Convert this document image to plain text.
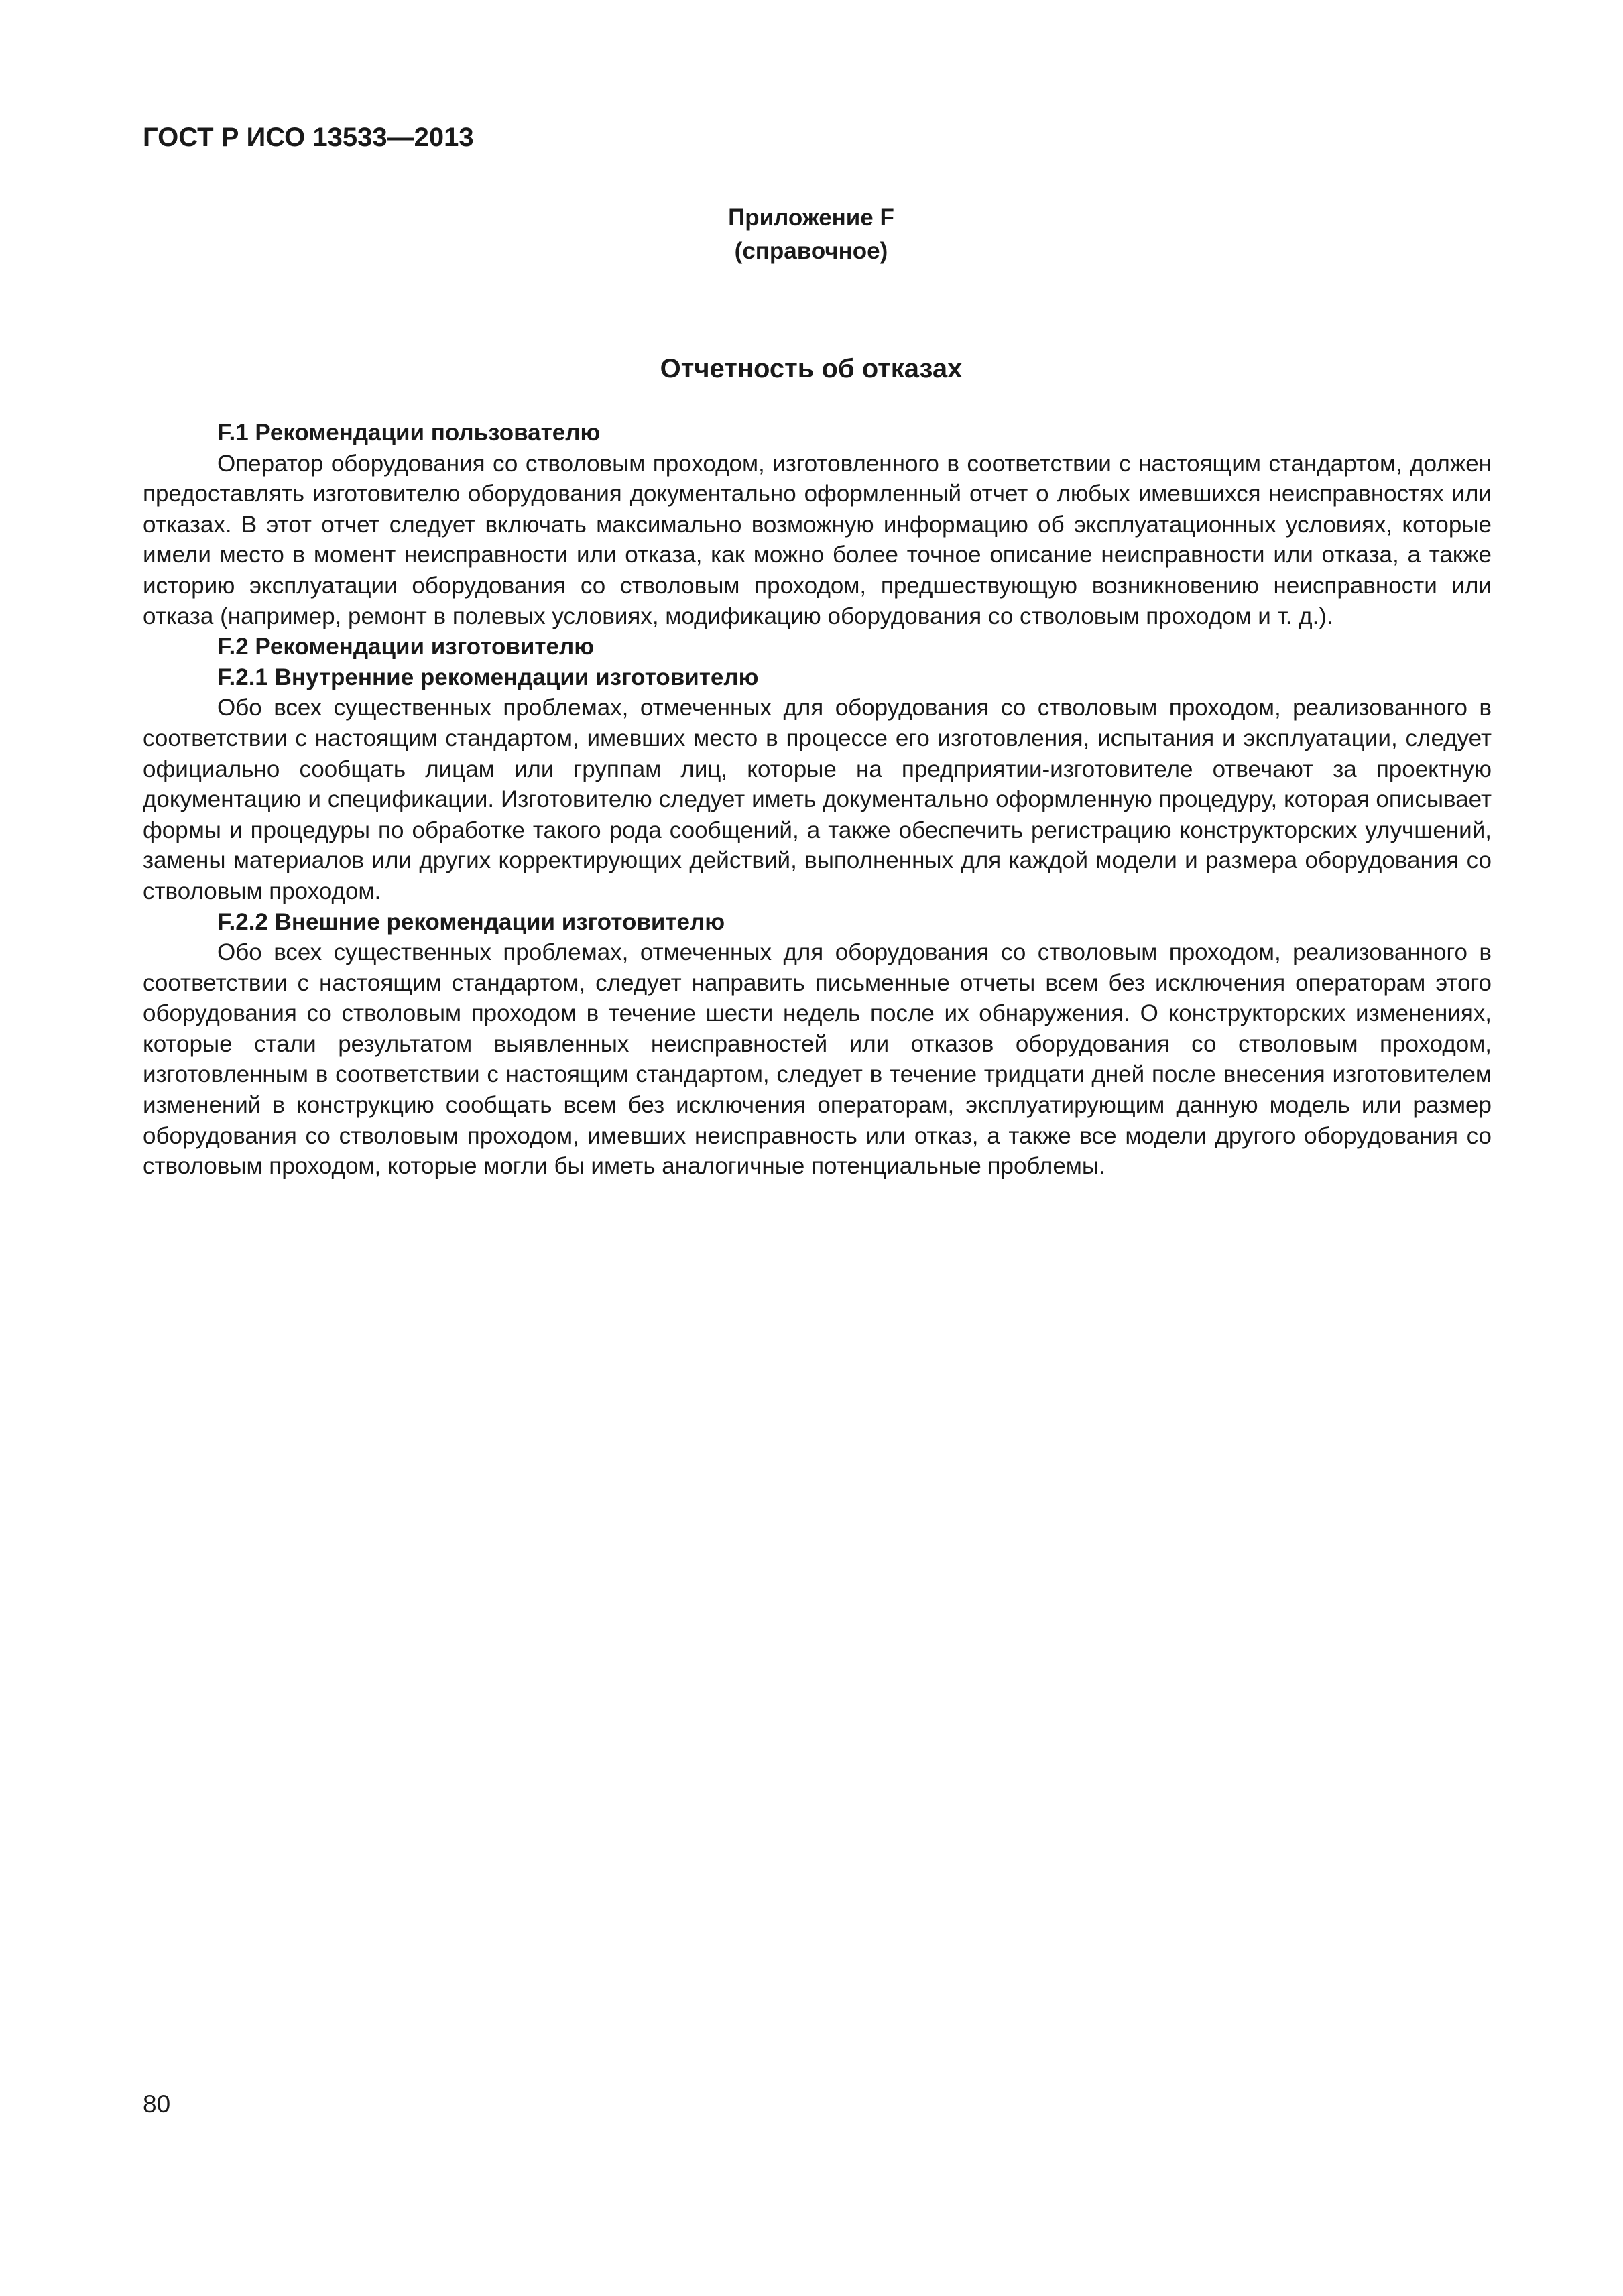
ГОСТ Р ИСО 13533—2013
Приложение F
(справочное)
Отчетность об отказах
F.1 Рекомендации пользователю

Оператор оборудования со стволовым проходом, изготовленного в соответствии с настоящим стандартом, должен предоставлять изготовителю оборудования документально оформленный отчет о любых имевшихся неисправностях или отказах. В этот отчет следует включать максимально возможную информацию об эксплуатационных условиях, которые имели место в момент неисправности или отказа, как можно более точное описание неисправности или отказа, а также историю эксплуатации оборудования со стволовым проходом, предшествующую возникновению неисправности или отказа (например, ремонт в полевых условиях, модификацию оборудования со стволовым проходом и т. д.).

F.2 Рекомендации изготовителю
F.2.1 Внутренние рекомендации изготовителю

Обо всех существенных проблемах, отмеченных для оборудования со стволовым проходом, реализованного в соответствии с настоящим стандартом, имевших место в процессе его изготовления, испытания и эксплуатации, следует официально сообщать лицам или группам лиц, которые на предприятии-изготовителе отвечают за проектную документацию и спецификации. Изготовителю следует иметь документально оформленную процедуру, которая описывает формы и процедуры по обработке такого рода сообщений, а также обеспечить регистрацию конструкторских улучшений, замены материалов или других корректирующих действий, выполненных для каждой модели и размера оборудования со стволовым проходом.

F.2.2 Внешние рекомендации изготовителю

Обо всех существенных проблемах, отмеченных для оборудования со стволовым проходом, реализованного в соответствии с настоящим стандартом, следует направить письменные отчеты всем без исключения операторам этого оборудования со стволовым проходом в течение шести недель после их обнаружения. О конструкторских изменениях, которые стали результатом выявленных неисправностей или отказов оборудования со стволовым проходом, изготовленным в соответствии с настоящим стандартом, следует в течение тридцати дней после внесения изготовителем изменений в конструкцию сообщать всем без исключения операторам, эксплуатирующим данную модель или размер оборудования со стволовым проходом, имевших неисправность или отказ, а также все модели другого оборудования со стволовым проходом, которые могли бы иметь аналогичные потенциальные проблемы.

80
